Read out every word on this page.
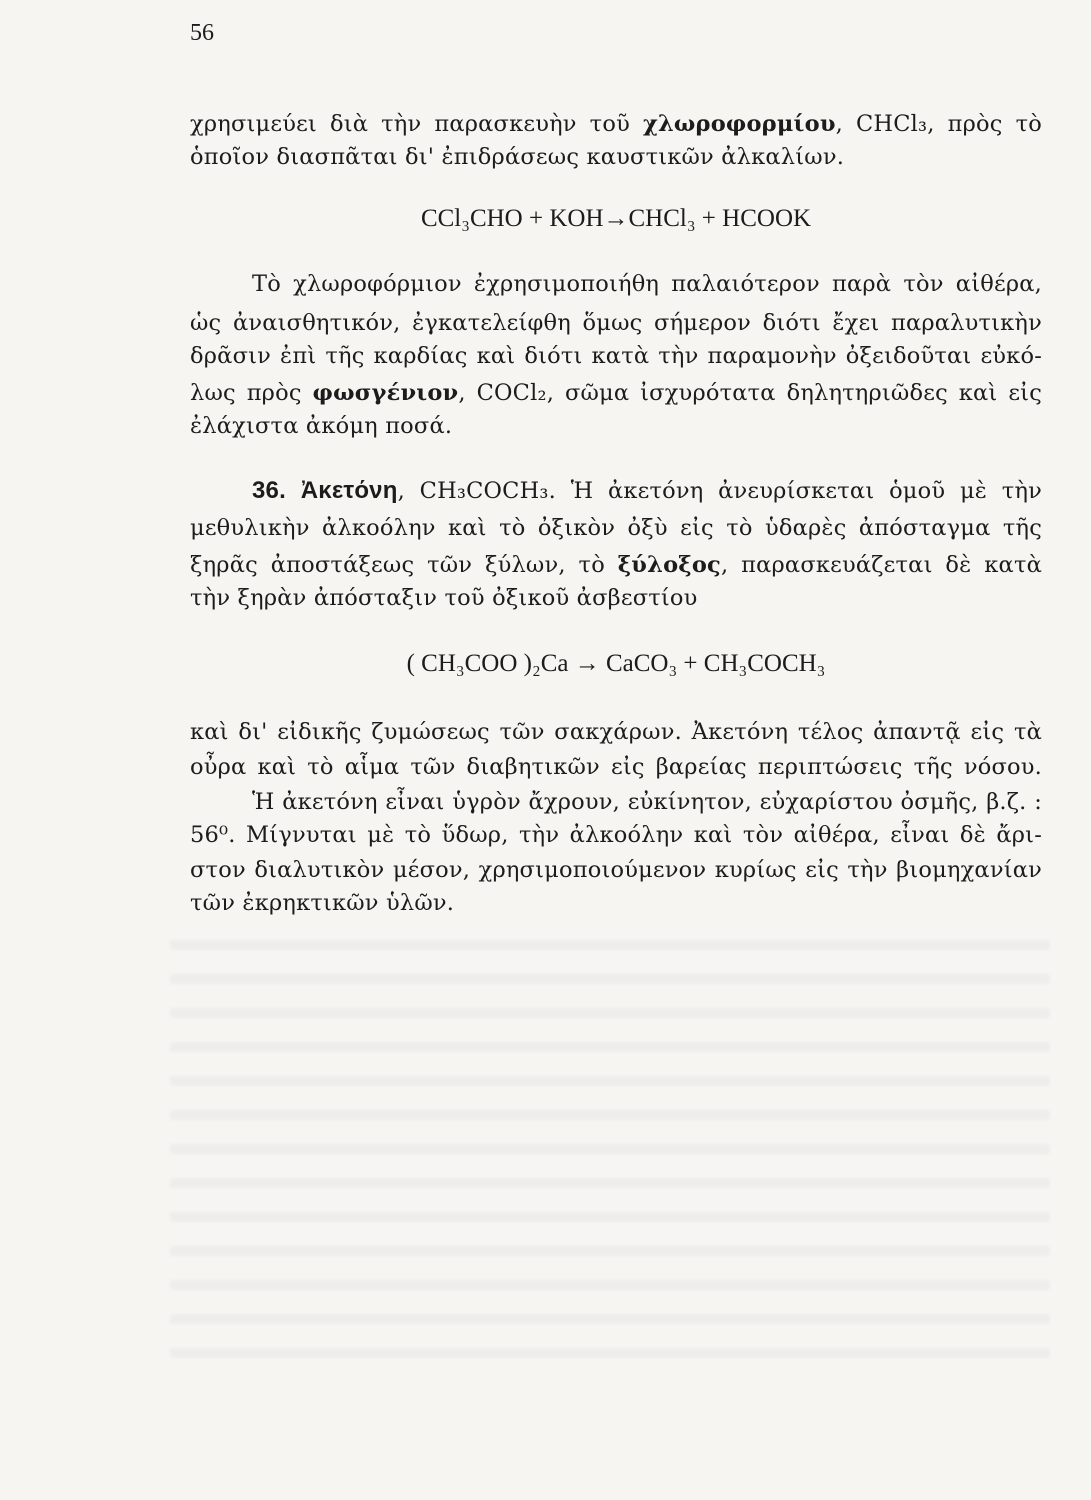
56
χρησιμεύει διὰ τὴν παρασκευὴν τοῦ χλωροφορμίου, CHCl₃, πρὸς τὸ
ὁποῖον διασπᾶται δι' ἐπιδράσεως καυστικῶν ἀλκαλίων.
CCl₃CHO + KOH→CHCl₃ + HCOOK
Τὸ χλωροφόρμιον ἐχρησιμοποιήθη παλαιότερον παρὰ τὸν αἰθέρα,
ὡς ἀναισθητικόν, ἐγκατελείφθη ὅμως σήμερον διότι ἔχει παραλυτικὴν
δρᾶσιν ἐπὶ τῆς καρδίας καὶ διότι κατὰ τὴν παραμονὴν ὀξειδοῦται εὐκό-
λως πρὸς φωσγένιον, COCl₂, σῶμα ἰσχυρότατα δηλητηριῶδες καὶ εἰς
ἐλάχιστα ἀκόμη ποσά.
36. Ἀκετόνη, CH₃COCH₃. Ἡ ἀκετόνη ἀνευρίσκεται ὁμοῦ μὲ τὴν
μεθυλικὴν ἀλκοόλην καὶ τὸ ὀξικὸν ὀξὺ εἰς τὸ ὑδαρὲς ἀπόσταγμα τῆς
ξηρᾶς ἀποστάξεως τῶν ξύλων, τὸ ξύλοξος, παρασκευάζεται δὲ κατὰ
τὴν ξηρὰν ἀπόσταξιν τοῦ ὀξικοῦ ἀσβεστίου
( CH₃COO )₂Ca → CaCO₃ + CH₃COCH₃
καὶ δι' εἰδικῆς ζυμώσεως τῶν σακχάρων. Ἀκετόνη τέλος ἀπαντᾷ εἰς τὰ
οὖρα καὶ τὸ αἷμα τῶν διαβητικῶν εἰς βαρείας περιπτώσεις τῆς νόσου.
Ἡ ἀκετόνη εἶναι ὑγρὸν ἄχρουν, εὐκίνητον, εὐχαρίστου ὀσμῆς, β.ζ. :
56⁰. Μίγνυται μὲ τὸ ὕδωρ, τὴν ἀλκοόλην καὶ τὸν αἰθέρα, εἶναι δὲ ἄρι-
στον διαλυτικὸν μέσον, χρησιμοποιούμενον κυρίως εἰς τὴν βιομηχανίαν
τῶν ἐκρηκτικῶν ὑλῶν.
